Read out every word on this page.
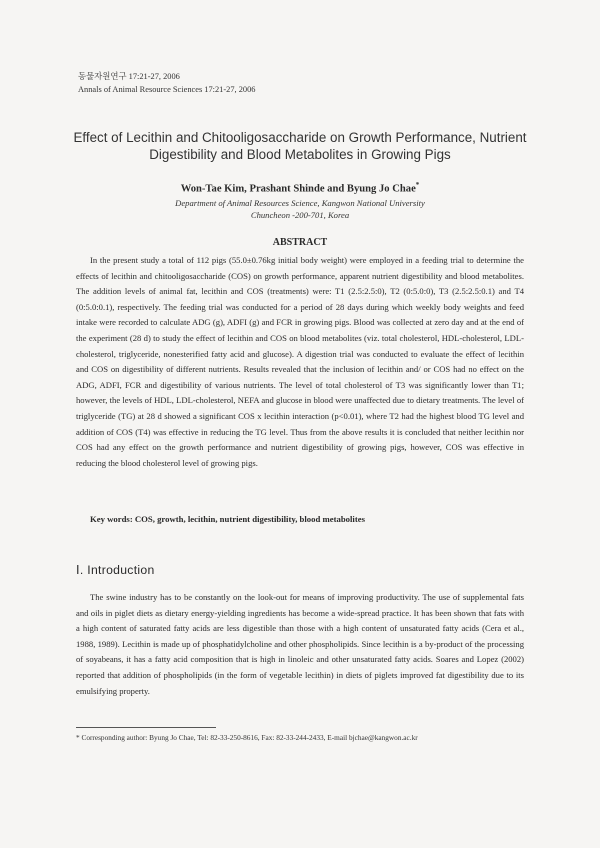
동물자원연구 17:21-27, 2006
Annals of Animal Resource Sciences 17:21-27, 2006
Effect of Lecithin and Chitooligosaccharide on Growth Performance, Nutrient
Digestibility and Blood Metabolites in Growing Pigs
Won-Tae Kim, Prashant Shinde and Byung Jo Chae*
Department of Animal Resources Science, Kangwon National University
Chuncheon -200-701, Korea
ABSTRACT

In the present study a total of 112 pigs (55.0±0.76kg initial body weight) were employed in a feeding trial to determine the effects of lecithin and chitooligosaccharide (COS) on growth performance, apparent nutrient digestibility and blood metabolites. The addition levels of animal fat, lecithin and COS (treatments) were: T1 (2.5:2.5:0), T2 (0:5.0:0), T3 (2.5:2.5:0.1) and T4 (0:5.0:0.1), respectively. The feeding trial was conducted for a period of 28 days during which weekly body weights and feed intake were recorded to calculate ADG (g), ADFI (g) and FCR in growing pigs. Blood was collected at zero day and at the end of the experiment (28 d) to study the effect of lecithin and COS on blood metabolites (viz. total cholesterol, HDL-cholesterol, LDL-cholesterol, triglyceride, nonesterified fatty acid and glucose). A digestion trial was conducted to evaluate the effect of lecithin and COS on digestibility of different nutrients. Results revealed that the inclusion of lecithin and/ or COS had no effect on the ADG, ADFI, FCR and digestibility of various nutrients. The level of total cholesterol of T3 was significantly lower than T1; however, the levels of HDL, LDL-cholesterol, NEFA and glucose in blood were unaffected due to dietary treatments. The level of triglyceride (TG) at 28 d showed a significant COS x lecithin interaction (p<0.01), where T2 had the highest blood TG level and addition of COS (T4) was effective in reducing the TG level. Thus from the above results it is concluded that neither lecithin nor COS had any effect on the growth performance and nutrient digestibility of growing pigs, however, COS was effective in reducing the blood cholesterol level of growing pigs.

Key words: COS, growth, lecithin, nutrient digestibility, blood metabolites
Ⅰ. Introduction

The swine industry has to be constantly on the look-out for means of improving productivity. The use of supplemental fats and oils in piglet diets as dietary energy-yielding ingredients has become a wide-spread practice. It has been shown that fats with a high content of saturated fatty acids are less digestible than those with a high content of unsaturated fatty acids (Cera et al., 1988, 1989). Lecithin is made up of phosphatidylcholine and other phospholipids. Since lecithin is a by-product of the processing of soyabeans, it has a fatty acid composition that is high in linoleic and other unsaturated fatty acids. Soares and Lopez (2002) reported that addition of phospholipids (in the form of vegetable lecithin) in diets of piglets improved fat digestibility due to its emulsifying property.

* Corresponding author: Byung Jo Chae, Tel: 82-33-250-8616, Fax: 82-33-244-2433, E-mail bjchae@kangwon.ac.kr
